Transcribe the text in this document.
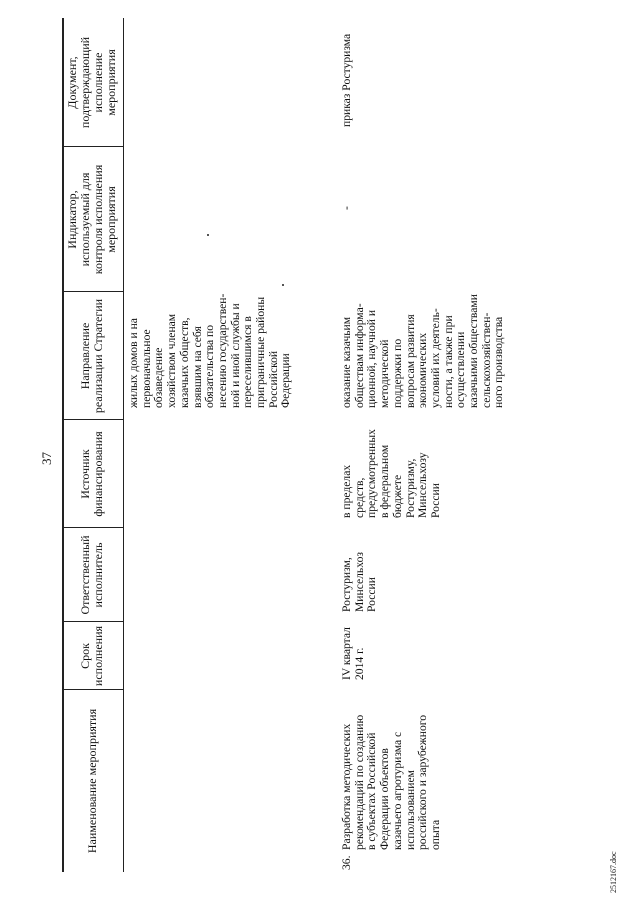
37
Наименование мероприятия
Срок
исполнения
Ответственный
исполнитель
Источник
финансирования
Направление
реализации Стратегии
Индикатор,
используемый для
контроля исполнения
мероприятия
Документ,
подтверждающий
исполнение
мероприятия
жилых домов и на
первоначальное
обзаведение
хозяйством членам
казачьих обществ,
взявшим на себя
обязательства по
несению государствен-
ной и иной службы и
переселившимся в
приграничные районы
Российской
Федерации
36.
Разработка методических
рекомендаций по созданию
в субъектах Российской
Федерации объектов
казачьего агротуризма с
использованием
российского и зарубежного
опыта
IV квартал
2014 г.
Ростуризм,
Минсельхоз
России
в пределах
средств,
предусмотренных
в федеральном
бюджете
Ростуризму,
Минсельхозу
России
оказание казачьим
обществам информа-
ционной, научной и
методической
поддержки по
вопросам развития
экономических
условий их деятель-
ности, а также при
осуществлении
казачьими обществами
сельскохозяйствен-
ного производства
-
приказ Ростуризма
2512167.doc
